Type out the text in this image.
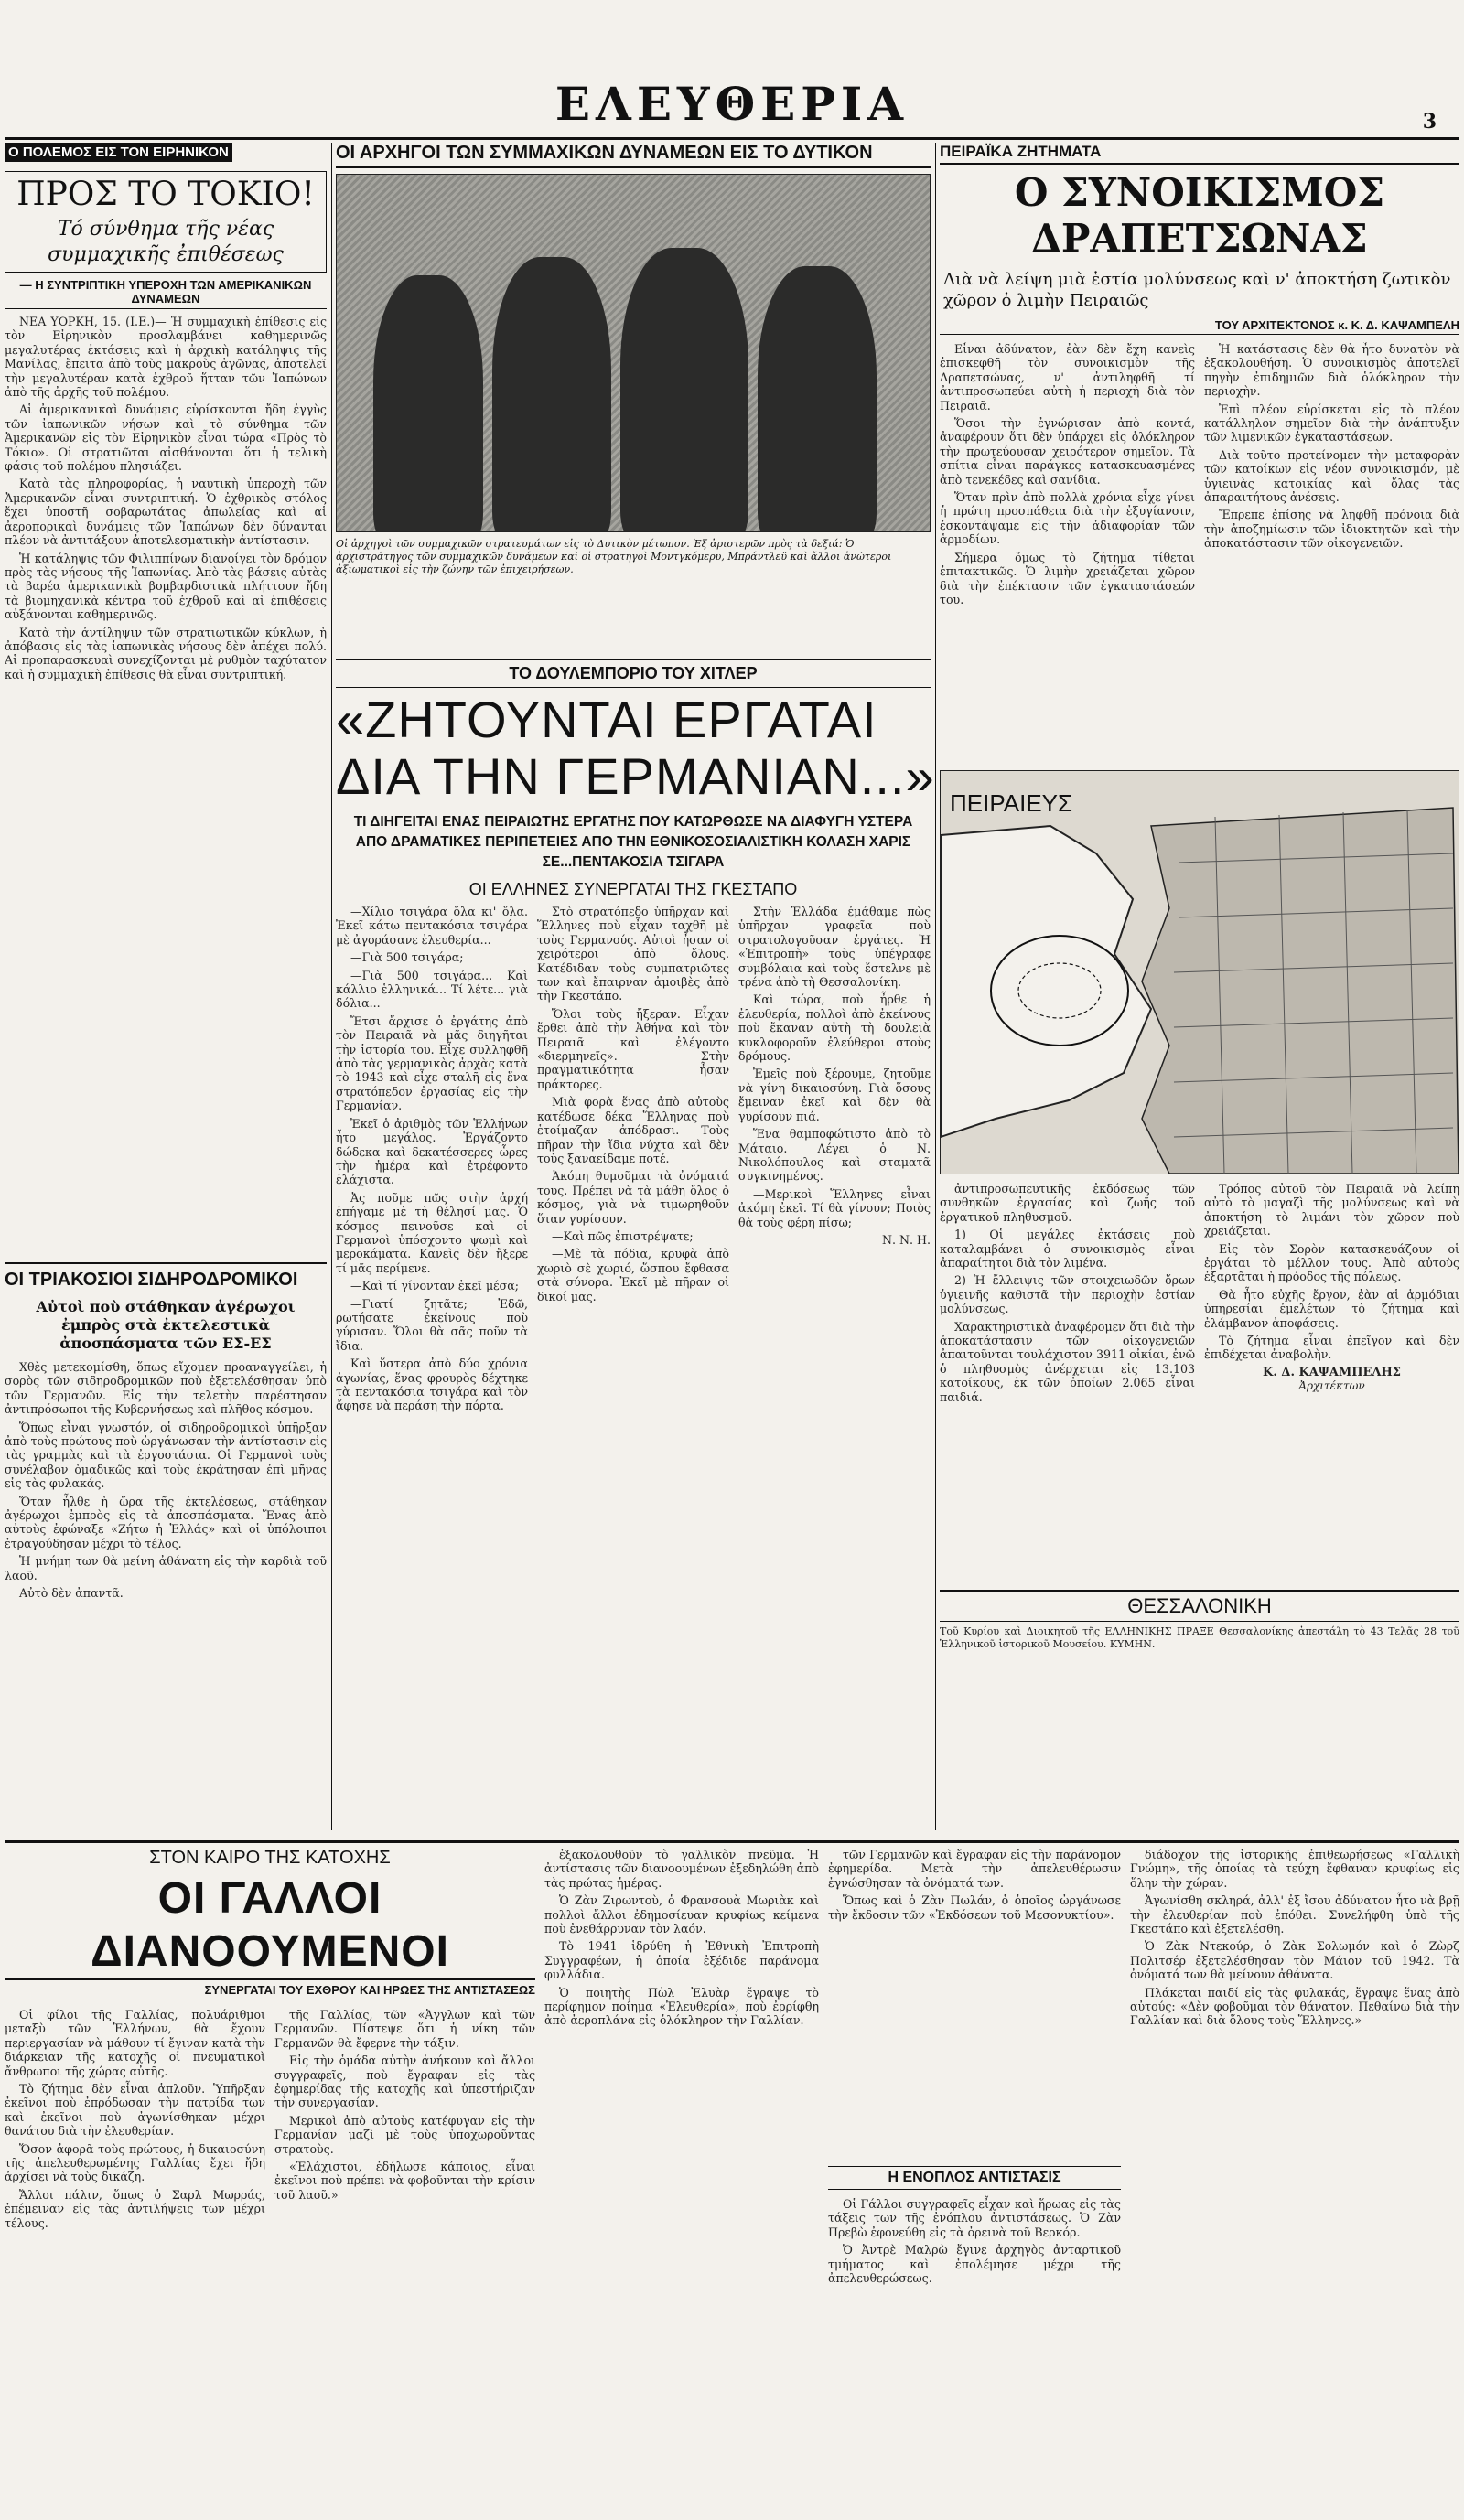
ΕΛΕΥΘΕΡΙΑ	3
Ο ΠΟΛΕΜΟΣ ΕΙΣ ΤΟΝ ΕΙΡΗΝΙΚΟΝ
ΠΡΟΣ ΤΟ ΤΟΚΙΟ!
Τό σύνθημα τῆς νέας συμμαχικῆς ἐπιθέσεως
— Η ΣΥΝΤΡΙΠΤΙΚΗ ΥΠΕΡΟΧΗ ΤΩΝ ΑΜΕΡΙΚΑΝΙΚΩΝ ΔΥΝΑΜΕΩΝ

ΝΕΑ ΥΟΡΚΗ, 15. (Ι.Ε.)— Ἡ συμμαχικὴ ἐπίθεσις εἰς τὸν Εἰρηνικὸν προσλαμβάνει καθημερινῶς μεγαλυτέρας ἐκτάσεις καὶ ἡ ἀρχικὴ κατάληψις τῆς Μανίλας, ἔπειτα ἀπὸ τοὺς μακροὺς ἀγῶνας, ἀποτελεῖ τὴν μεγαλυτέραν κατὰ ἐχθροῦ ἥτταν τῶν Ἰαπώνων ἀπὸ τῆς ἀρχῆς τοῦ πολέμου.

Αἱ ἀμερικανικαὶ δυνάμεις εὑρίσκονται ἤδη ἐγγὺς τῶν ἰαπωνικῶν νήσων καὶ τὸ σύνθημα τῶν Ἀμερικανῶν εἰς τὸν Εἰρηνικὸν εἶναι τώρα «Πρὸς τὸ Τόκιο». Οἱ στρατιῶται αἰσθάνονται ὅτι ἡ τελικὴ φάσις τοῦ πολέμου πλησιάζει.

Κατὰ τὰς πληροφορίας, ἡ ναυτικὴ ὑπεροχὴ τῶν Ἀμερικανῶν εἶναι συντριπτική. Ὁ ἐχθρικὸς στόλος ἔχει ὑποστῆ σοβαρωτάτας ἀπωλείας καὶ αἱ ἀεροπορικαὶ δυνάμεις τῶν Ἰαπώνων δὲν δύνανται πλέον νὰ ἀντιτάξουν ἀποτελεσματικὴν ἀντίστασιν.

Ἡ κατάληψις τῶν Φιλιππίνων διανοίγει τὸν δρόμον πρὸς τὰς νήσους τῆς Ἰαπωνίας. Ἀπὸ τὰς βάσεις αὐτὰς τὰ βαρέα ἀμερικανικὰ βομβαρδιστικὰ πλήττουν ἤδη τὰ βιομηχανικὰ κέντρα τοῦ ἐχθροῦ καὶ αἱ ἐπιθέσεις αὐξάνονται καθημερινῶς.

Κατὰ τὴν ἀντίληψιν τῶν στρατιωτικῶν κύκλων, ἡ ἀπόβασις εἰς τὰς ἰαπωνικὰς νήσους δὲν ἀπέχει πολύ. Αἱ προπαρασκευαὶ συνεχίζονται μὲ ρυθμὸν ταχύτατον καὶ ἡ συμμαχικὴ ἐπίθεσις θὰ εἶναι συντριπτική.

ΟΙ ΤΡΙΑΚΟΣΙΟΙ ΣΙΔΗΡΟΔΡΟΜΙΚΟΙ
Αὐτοὶ ποὺ στάθηκαν ἀγέρωχοι ἐμπρὸς στὰ ἐκτελεστικὰ ἀποσπάσματα τῶν ΕΣ-ΕΣ

Χθὲς μετεκομίσθη, ὅπως εἴχομεν προαναγγείλει, ἡ σορὸς τῶν σιδηροδρομικῶν ποὺ ἐξετελέσθησαν ὑπὸ τῶν Γερμανῶν. Εἰς τὴν τελετὴν παρέστησαν ἀντιπρόσωποι τῆς Κυβερνήσεως καὶ πλῆθος κόσμου.

Ὅπως εἶναι γνωστόν, οἱ σιδηροδρομικοὶ ὑπῆρξαν ἀπὸ τοὺς πρώτους ποὺ ὠργάνωσαν τὴν ἀντίστασιν εἰς τὰς γραμμὰς καὶ τὰ ἐργοστάσια. Οἱ Γερμανοὶ τοὺς συνέλαβον ὁμαδικῶς καὶ τοὺς ἐκράτησαν ἐπὶ μῆνας εἰς τὰς φυλακάς.

Ὅταν ἦλθε ἡ ὥρα τῆς ἐκτελέσεως, στάθηκαν ἀγέρωχοι ἐμπρὸς εἰς τὰ ἀποσπάσματα. Ἕνας ἀπὸ αὐτοὺς ἐφώναξε «Ζήτω ἡ Ἑλλάς» καὶ οἱ ὑπόλοιποι ἐτραγούδησαν μέχρι τὸ τέλος.

Ἡ μνήμη των θὰ μείνη ἀθάνατη εἰς τὴν καρδιὰ τοῦ λαοῦ.

Αὐτὸ δὲν ἀπαντᾶ.

ΟΙ ΑΡΧΗΓΟΙ ΤΩΝ ΣΥΜΜΑΧΙΚΩΝ ΔΥΝΑΜΕΩΝ ΕΙΣ ΤΟ ΔΥΤΙΚΟΝ
Οἱ ἀρχηγοὶ τῶν συμμαχικῶν στρατευμάτων εἰς τὸ Δυτικὸν μέτωπον. Ἐξ ἀριστερῶν πρὸς τὰ δεξιά: Ὁ ἀρχιστράτηγος τῶν συμμαχικῶν δυνάμεων καὶ οἱ στρατηγοὶ Μοντγκόμερυ, Μπράντλεϋ καὶ ἄλλοι ἀνώτεροι ἀξιωματικοὶ εἰς τὴν ζώνην τῶν ἐπιχειρήσεων.
ΤΟ ΔΟΥΛΕΜΠΟΡΙΟ ΤΟΥ ΧΙΤΛΕΡ
«ΖΗΤΟΥΝΤΑΙ ΕΡΓΑΤΑΙ
ΔΙΑ ΤΗΝ ΓΕΡΜΑΝΙΑΝ...»
ΤΙ ΔΙΗΓΕΙΤΑΙ ΕΝΑΣ ΠΕΙΡΑΙΩΤΗΣ ΕΡΓΑΤΗΣ ΠΟΥ ΚΑΤΩΡΘΩΣΕ ΝΑ ΔΙΑΦΥΓΗ ΥΣΤΕΡΑ ΑΠΟ ΔΡΑΜΑΤΙΚΕΣ ΠΕΡΙΠΕΤΕΙΕΣ ΑΠΟ ΤΗΝ ΕΘΝΙΚΟΣΟΣΙΑΛΙΣΤΙΚΗ ΚΟΛΑΣΗ ΧΑΡΙΣ ΣΕ...ΠΕΝΤΑΚΟΣΙΑ ΤΣΙΓΑΡΑ
ΟΙ ΕΛΛΗΝΕΣ ΣΥΝΕΡΓΑΤΑΙ ΤΗΣ ΓΚΕΣΤΑΠΟ

—Χίλιο τσιγάρα ὅλα κι' ὅλα. Ἐκεῖ κάτω πεντακόσια τσιγάρα μὲ ἀγοράσανε ἐλευθερία...

—Γιὰ 500 τσιγάρα;

—Γιὰ 500 τσιγάρα... Καὶ κάλλιο ἑλληνικά... Τί λέτε... γιὰ δόλια...

Ἔτσι ἄρχισε ὁ ἐργάτης ἀπὸ τὸν Πειραιᾶ νὰ μᾶς διηγῆται τὴν ἱστορία του. Εἶχε συλληφθῆ ἀπὸ τὰς γερμανικὰς ἀρχὰς κατὰ τὸ 1943 καὶ εἶχε σταλῆ εἰς ἕνα στρατόπεδον ἐργασίας εἰς τὴν Γερμανίαν.

Ἐκεῖ ὁ ἀριθμὸς τῶν Ἑλλήνων ἦτο μεγάλος. Ἐργάζοντο δώδεκα καὶ δεκατέσσερες ὧρες τὴν ἡμέρα καὶ ἐτρέφοντο ἐλάχιστα.

Ἀς ποῦμε πῶς στὴν ἀρχή ἐπήγαμε μὲ τὴ θέλησί μας. Ὁ κόσμος πεινοῦσε καὶ οἱ Γερμανοὶ ὑπόσχοντο ψωμὶ καὶ μεροκάματα. Κανεὶς δὲν ἤξερε τί μᾶς περίμενε.

—Καὶ τί γίνονταν ἐκεῖ μέσα;

—Γιατί ζητᾶτε; Ἐδῶ, ρωτήσατε ἐκείνους ποὺ γύρισαν. Ὅλοι θὰ σᾶς ποῦν τὰ ἴδια.

Καὶ ὕστερα ἀπὸ δύο χρόνια ἀγωνίας, ἕνας φρουρὸς δέχτηκε τὰ πεντακόσια τσιγάρα καὶ τὸν ἄφησε νὰ περάση τὴν πόρτα.

Στὸ στρατόπεδο ὑπῆρχαν καὶ Ἕλληνες ποὺ εἶχαν ταχθῆ μὲ τοὺς Γερμανούς. Αὐτοὶ ἦσαν οἱ χειρότεροι ἀπὸ ὅλους. Κατέδιδαν τοὺς συμπατριῶτες των καὶ ἔπαιρναν ἀμοιβὲς ἀπὸ τὴν Γκεστάπο.

Ὅλοι τοὺς ἤξεραν. Εἶχαν ἔρθει ἀπὸ τὴν Ἀθήνα καὶ τὸν Πειραιᾶ καὶ ἐλέγοντο «διερμηνεῖς». Στὴν πραγματικότητα ἦσαν πράκτορες.

Μιὰ φορὰ ἕνας ἀπὸ αὐτοὺς κατέδωσε δέκα Ἕλληνας ποὺ ἑτοίμαζαν ἀπόδρασι. Τοὺς πῆραν τὴν ἴδια νύχτα καὶ δὲν τοὺς ξαναείδαμε ποτέ.

Ἀκόμη θυμοῦμαι τὰ ὀνόματά τους. Πρέπει νὰ τὰ μάθη ὅλος ὁ κόσμος, γιὰ νὰ τιμωρηθοῦν ὅταν γυρίσουν.

—Καὶ πῶς ἐπιστρέψατε;

—Μὲ τὰ πόδια, κρυφὰ ἀπὸ χωριὸ σὲ χωριό, ὥσπου ἔφθασα στὰ σύνορα. Ἐκεῖ μὲ πῆραν οἱ δικοί μας.

Στὴν Ἑλλάδα ἐμάθαμε πὼς ὑπῆρχαν γραφεῖα ποὺ στρατολογοῦσαν ἐργάτες. Ἡ «Ἐπιτροπὴ» τοὺς ὑπέγραφε συμβόλαια καὶ τοὺς ἔστελνε μὲ τρένα ἀπὸ τὴ Θεσσαλονίκη.

Καὶ τώρα, ποὺ ἦρθε ἡ ἐλευθερία, πολλοὶ ἀπὸ ἐκείνους ποὺ ἔκαναν αὐτὴ τὴ δουλειὰ κυκλοφοροῦν ἐλεύθεροι στοὺς δρόμους.

Ἐμεῖς ποὺ ξέρουμε, ζητοῦμε νὰ γίνη δικαιοσύνη. Γιὰ ὅσους ἔμειναν ἐκεῖ καὶ δὲν θὰ γυρίσουν πιά.

Ἕνα θαμποφώτιστο ἀπὸ τὸ Μάταιο. Λέγει ὁ Ν. Νικολόπουλος καὶ σταματᾶ συγκινημένος.

—Μερικοὶ Ἕλληνες εἶναι ἀκόμη ἐκεῖ. Τί θὰ γίνουν; Ποιὸς θὰ τοὺς φέρη πίσω;

Ν. Ν. Η.

ΠΕΙΡΑΪΚΑ ΖΗΤΗΜΑΤΑ
Ο ΣΥΝΟΙΚΙΣΜΟΣ
ΔΡΑΠΕΤΣΩΝΑΣ
Διὰ νὰ λείψη μιὰ ἑστία μολύνσεως καὶ ν' ἀποκτήση ζωτικὸν χῶρον ὁ λιμὴν Πειραιῶς
ΤΟΥ ΑΡΧΙΤΕΚΤΟΝΟΣ κ. Κ. Δ. ΚΑΨΑΜΠΕΛΗ

Εἶναι ἀδύνατον, ἐὰν δὲν ἔχη κανεὶς ἐπισκεφθῆ τὸν συνοικισμὸν τῆς Δραπετσώνας, ν' ἀντιληφθῆ τί ἀντιπροσωπεύει αὐτὴ ἡ περιοχὴ διὰ τὸν Πειραιᾶ.

Ὅσοι τὴν ἐγνώρισαν ἀπὸ κοντά, ἀναφέρουν ὅτι δὲν ὑπάρχει εἰς ὁλόκληρον τὴν πρωτεύουσαν χειρότερον σημεῖον. Τὰ σπίτια εἶναι παράγκες κατασκευασμένες ἀπὸ τενεκέδες καὶ σανίδια.

Ὅταν πρὶν ἀπὸ πολλὰ χρόνια εἶχε γίνει ἡ πρώτη προσπάθεια διὰ τὴν ἐξυγίανσιν, ἐσκοντάψαμε εἰς τὴν ἀδιαφορίαν τῶν ἁρμοδίων.

Σήμερα ὅμως τὸ ζήτημα τίθεται ἐπιτακτικῶς. Ὁ λιμὴν χρειάζεται χῶρον διὰ τὴν ἐπέκτασιν τῶν ἐγκαταστάσεών του.

Ἡ κατάστασις δὲν θὰ ἦτο δυνατὸν νὰ ἐξακολουθήση. Ὁ συνοικισμὸς ἀποτελεῖ πηγὴν ἐπιδημιῶν διὰ ὁλόκληρον τὴν περιοχὴν.

Ἐπὶ πλέον εὑρίσκεται εἰς τὸ πλέον κατάλληλον σημεῖον διὰ τὴν ἀνάπτυξιν τῶν λιμενικῶν ἐγκαταστάσεων.

Διὰ τοῦτο προτείνομεν τὴν μεταφορὰν τῶν κατοίκων εἰς νέον συνοικισμόν, μὲ ὑγιεινὰς κατοικίας καὶ ὅλας τὰς ἀπαραιτήτους ἀνέσεις.

Ἔπρεπε ἐπίσης νὰ ληφθῆ πρόνοια διὰ τὴν ἀποζημίωσιν τῶν ἰδιοκτητῶν καὶ τὴν ἀποκατάστασιν τῶν οἰκογενειῶν.

ΠΕΙΡΑΙΕΥΣ

ἀντιπροσωπευτικῆς ἐκδόσεως τῶν συνθηκῶν ἐργασίας καὶ ζωῆς τοῦ ἐργατικοῦ πληθυσμοῦ.

1) Οἱ μεγάλες ἐκτάσεις ποὺ καταλαμβάνει ὁ συνοικισμὸς εἶναι ἀπαραίτητοι διὰ τὸν λιμένα.

2) Ἡ ἔλλειψις τῶν στοιχειωδῶν ὅρων ὑγιεινῆς καθιστᾶ τὴν περιοχὴν ἑστίαν μολύνσεως.

Χαρακτηριστικὰ ἀναφέρομεν ὅτι διὰ τὴν ἀποκατάστασιν τῶν οἰκογενειῶν ἀπαιτοῦνται τουλάχιστον 3911 οἰκίαι, ἐνῶ ὁ πληθυσμὸς ἀνέρχεται εἰς 13.103 κατοίκους, ἐκ τῶν ὁποίων 2.065 εἶναι παιδιά.

Τρόπος αὐτοῦ τὸν Πειραιᾶ νὰ λείπη αὐτὸ τὸ μαγαζὶ τῆς μολύνσεως καὶ νὰ ἀποκτήση τὸ λιμάνι τὸν χῶρον ποὺ χρειάζεται.

Εἰς τὸν Σορὸν κατασκευάζουν οἱ ἐργάται τὸ μέλλον τους. Ἀπὸ αὐτοὺς ἐξαρτᾶται ἡ πρόοδος τῆς πόλεως.

Θὰ ἦτο εὐχῆς ἔργον, ἐὰν αἱ ἁρμόδιαι ὑπηρεσίαι ἐμελέτων τὸ ζήτημα καὶ ἐλάμβανον ἀποφάσεις.

Τὸ ζήτημα εἶναι ἐπεῖγον καὶ δὲν ἐπιδέχεται ἀναβολὴν.

Κ. Δ. ΚΑΨΑΜΠΕΛΗΣ
Ἀρχιτέκτων
ΘΕΣΣΑΛΟΝΙΚΗ
Τοῦ Κυρίου καὶ Διοικητοῦ τῆς ΕΛΛΗΝΙΚΗΣ ΠΡΑΞΕ Θεσσαλονίκης ἀπεστάλη τὸ 43 Τελᾶς 28 τοῦ Ἑλληνικοῦ ἱστορικοῦ Μουσείου. ΚΥΜΗΝ.
ΣΤΟΝ ΚΑΙΡΟ ΤΗΣ ΚΑΤΟΧΗΣ
ΟΙ ΓΑΛΛΟΙ ΔΙΑΝΟΟΥΜΕΝΟΙ
ΣΥΝΕΡΓΑΤΑΙ ΤΟΥ ΕΧΘΡΟΥ ΚΑΙ ΗΡΩΕΣ ΤΗΣ ΑΝΤΙΣΤΑΣΕΩΣ

Οἱ φίλοι τῆς Γαλλίας, πολυάριθμοι μεταξὺ τῶν Ἑλλήνων, θὰ ἔχουν περιεργασίαν νὰ μάθουν τί ἔγιναν κατὰ τὴν διάρκειαν τῆς κατοχῆς οἱ πνευματικοὶ ἄνθρωποι τῆς χώρας αὐτῆς.

Τὸ ζήτημα δὲν εἶναι ἁπλοῦν. Ὑπῆρξαν ἐκεῖνοι ποὺ ἐπρόδωσαν τὴν πατρίδα των καὶ ἐκεῖνοι ποὺ ἀγωνίσθηκαν μέχρι θανάτου διὰ τὴν ἐλευθερίαν.

Ὅσον ἀφορᾶ τοὺς πρώτους, ἡ δικαιοσύνη τῆς ἀπελευθερωμένης Γαλλίας ἔχει ἤδη ἀρχίσει νὰ τοὺς δικάζη.

Ἄλλοι πάλιν, ὅπως ὁ Σαρλ Μωρράς, ἐπέμειναν εἰς τὰς ἀντιλήψεις των μέχρι τέλους.

τῆς Γαλλίας, τῶν «Ἀγγλων καὶ τῶν Γερμανῶν. Πίστεψε ὅτι ἡ νίκη τῶν Γερμανῶν θὰ ἔφερνε τὴν τάξιν.

Εἰς τὴν ὁμάδα αὐτὴν ἀνήκουν καὶ ἄλλοι συγγραφεῖς, ποὺ ἔγραφαν εἰς τὰς ἐφημερίδας τῆς κατοχῆς καὶ ὑπεστήριζαν τὴν συνεργασίαν.

Μερικοὶ ἀπὸ αὐτοὺς κατέφυγαν εἰς τὴν Γερμανίαν μαζὶ μὲ τοὺς ὑποχωροῦντας στρατοὺς.

«Ἐλάχιστοι, ἐδήλωσε κάποιος, εἶναι ἐκεῖνοι ποὺ πρέπει νὰ φοβοῦνται τὴν κρίσιν τοῦ λαοῦ.»

ἐξακολουθοῦν τὸ γαλλικὸν πνεῦμα. Ἡ ἀντίστασις τῶν διανοουμένων ἐξεδηλώθη ἀπὸ τὰς πρώτας ἡμέρας.

Ὁ Ζὰν Ζιρωντοὺ, ὁ Φρανσουὰ Μωριὰκ καὶ πολλοὶ ἄλλοι ἐδημοσίευαν κρυφίως κείμενα ποὺ ἐνεθάρρυναν τὸν λαόν.

Τὸ 1941 ἱδρύθη ἡ Ἐθνικὴ Ἐπιτροπὴ Συγγραφέων, ἡ ὁποία ἐξέδιδε παράνομα φυλλάδια.

Ὁ ποιητὴς Πὼλ Ἐλυὰρ ἔγραψε τὸ περίφημον ποίημα «Ἐλευθερία», ποὺ ἐρρίφθη ἀπὸ ἀεροπλάνα εἰς ὁλόκληρον τὴν Γαλλίαν.

τῶν Γερμανῶν καὶ ἔγραφαν εἰς τὴν παράνομον ἐφημερίδα. Μετὰ τὴν ἀπελευθέρωσιν ἐγνώσθησαν τὰ ὀνόματά των.

Ὅπως καὶ ὁ Ζὰν Πωλάν, ὁ ὁποῖος ὠργάνωσε τὴν ἔκδοσιν τῶν «Ἐκδόσεων τοῦ Μεσονυκτίου».

Η ΕΝΟΠΛΟΣ ΑΝΤΙΣΤΑΣΙΣ

Οἱ Γάλλοι συγγραφεῖς εἶχαν καὶ ἥρωας εἰς τὰς τάξεις των τῆς ἐνόπλου ἀντιστάσεως. Ὁ Ζὰν Πρεβὼ ἐφονεύθη εἰς τὰ ὀρεινὰ τοῦ Βερκόρ.

Ὁ Ἀντρὲ Μαλρὼ ἔγινε ἀρχηγὸς ἀνταρτικοῦ τμήματος καὶ ἐπολέμησε μέχρι τῆς ἀπελευθερώσεως.

διάδοχον τῆς ἱστορικῆς ἐπιθεωρήσεως «Γαλλικὴ Γνώμη», τῆς ὁποίας τὰ τεύχη ἔφθαναν κρυφίως εἰς ὅλην τὴν χώραν.

Ἀγωνίσθη σκληρά, ἀλλ' ἐξ ἴσου ἀδύνατον ἦτο νὰ βρῇ τὴν ἐλευθερίαν ποὺ ἐπόθει. Συνελήφθη ὑπὸ τῆς Γκεστάπο καὶ ἐξετελέσθη.

Ὁ Ζὰκ Ντεκούρ, ὁ Ζὰκ Σολωμόν καὶ ὁ Ζὼρζ Πολιτσέρ ἐξετελέσθησαν τὸν Μάιον τοῦ 1942. Τὰ ὀνόματά των θὰ μείνουν ἀθάνατα.

Πλάκεται παιδί εἰς τὰς φυλακάς, ἔγραψε ἕνας ἀπὸ αὐτούς: «Δὲν φοβοῦμαι τὸν θάνατον. Πεθαίνω διὰ τὴν Γαλλίαν καὶ διὰ ὅλους τοὺς Ἕλληνες.»
